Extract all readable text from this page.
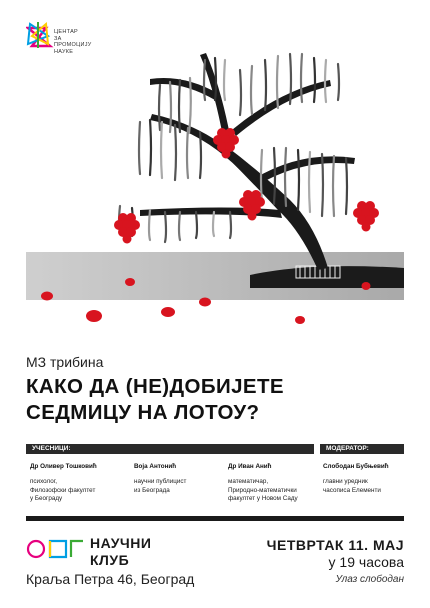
ЦЕНТАР
ЗА
ПРОМОЦИЈУ
НАУКЕ
МЗ трибина
КАКО ДА (НЕ)ДОБИЈЕТЕ
СЕДМИЦУ НА ЛОТОУ?
УЧЕСНИЦИ:	МОДЕРАТОР:
Др Оливер Тошковић
психолог,
Филозофски факултет
у Београду
Воја Антонић
научни публицист
из Београда
Др Иван Анић
математичар,
Природно-математички
факултет у Новом Саду
Слободан Бубњевић
главни уредник
часописа Елементи
НАУЧНИ
КЛУБ
Краља Петра 46, Београд
ЧЕТВРТАК 11. МАЈ
у 19 часова
Улаз слободан
